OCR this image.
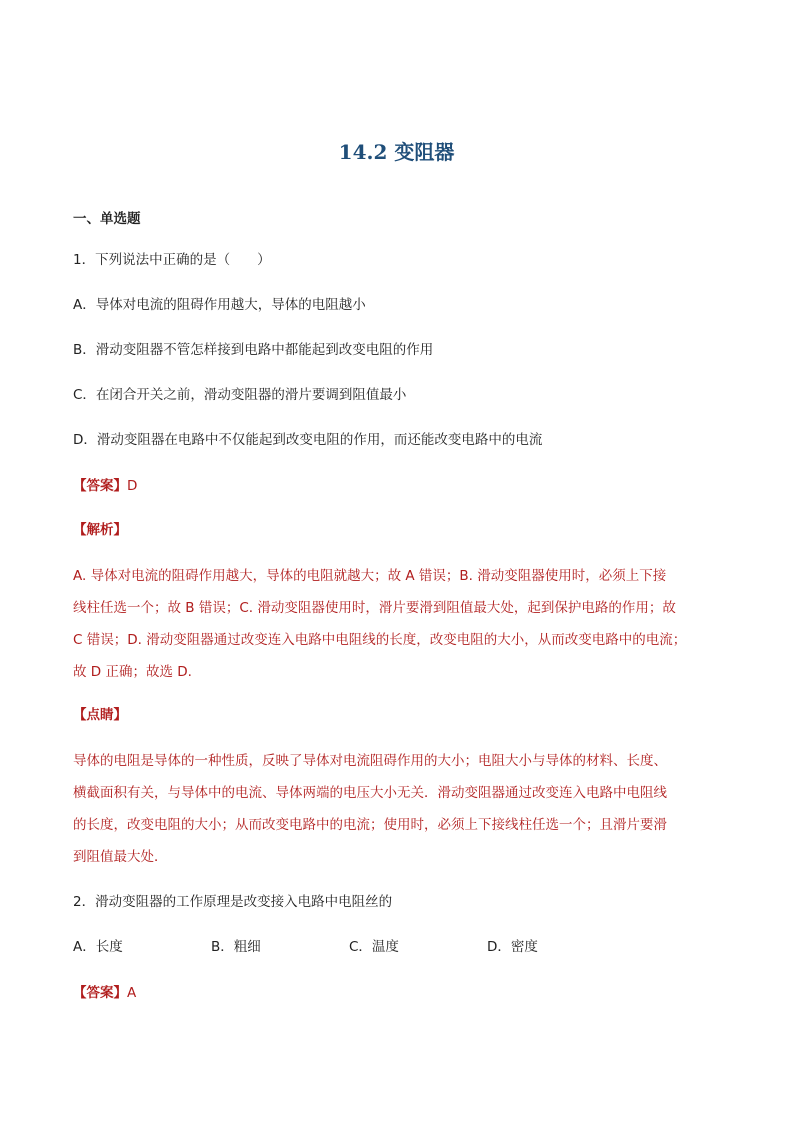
14.2 变阻器
一、单选题
1．下列说法中正确的是（　　）
A．导体对电流的阻碍作用越大，导体的电阻越小
B．滑动变阻器不管怎样接到电路中都能起到改变电阻的作用
C．在闭合开关之前，滑动变阻器的滑片要调到阻值最小
D．滑动变阻器在电路中不仅能起到改变电阻的作用，而还能改变电路中的电流
【答案】D
【解析】
A. 导体对电流的阻碍作用越大，导体的电阻就越大；故 A 错误；B. 滑动变阻器使用时，必须上下接
线柱任选一个；故 B 错误；C. 滑动变阻器使用时，滑片要滑到阻值最大处，起到保护电路的作用；故
C 错误；D. 滑动变阻器通过改变连入电路中电阻线的长度，改变电阻的大小，从而改变电路中的电流；
故 D 正确；故选 D.
【点睛】
导体的电阻是导体的一种性质，反映了导体对电流阻碍作用的大小；电阻大小与导体的材料、长度、
横截面积有关，与导体中的电流、导体两端的电压大小无关．滑动变阻器通过改变连入电路中电阻线
的长度，改变电阻的大小；从而改变电路中的电流；使用时，必须上下接线柱任选一个；且滑片要滑
到阻值最大处．
2．滑动变阻器的工作原理是改变接入电路中电阻丝的
A．长度	B．粗细	C．温度	D．密度
【答案】A
